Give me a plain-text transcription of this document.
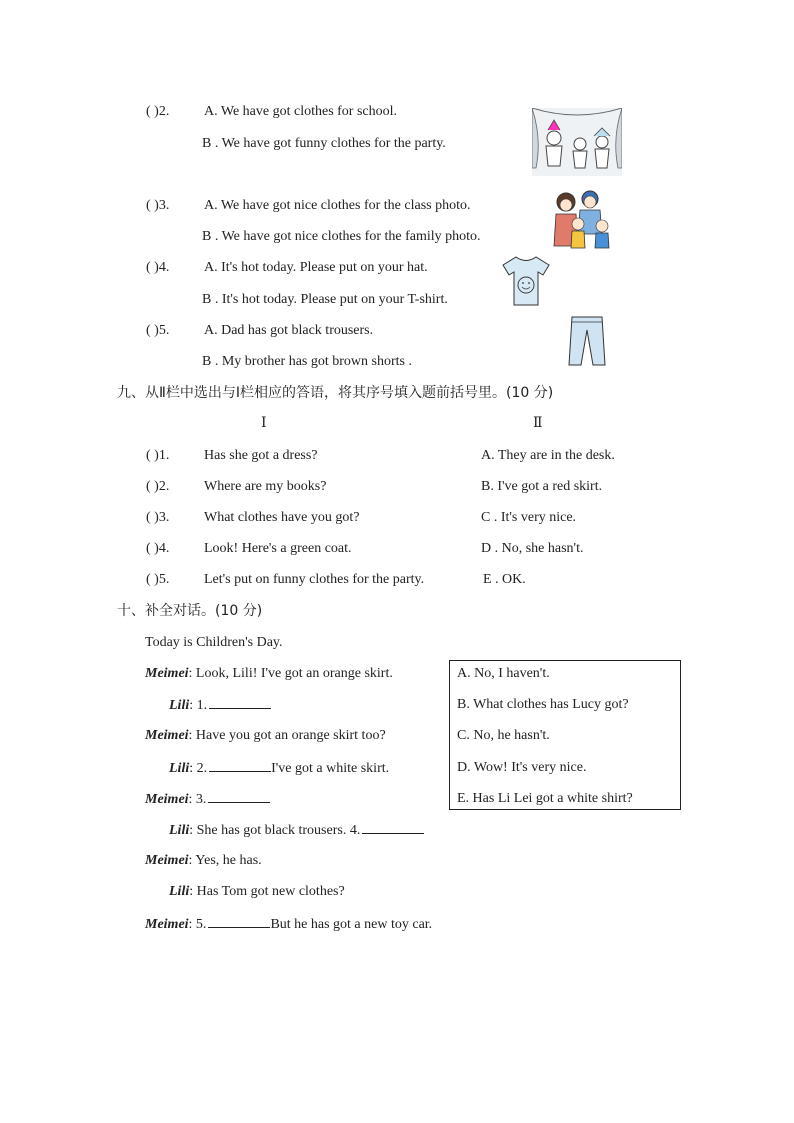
( )2. A. We have got clothes for school.
B . We have got funny clothes for the party.
( )3. A. We have got nice clothes for the class photo.
B . We have got nice clothes for the family photo.
( )4. A. It's hot today. Please put on your hat.
B . It's hot today. Please put on your T-shirt.
( )5. A. Dad has got black trousers.
B . My brother has got brown shorts .
九、从Ⅱ栏中选出与Ⅰ栏相应的答语，将其序号填入题前括号里。(10 分)
Ⅰ	Ⅱ
( )1. Has she got a dress?	A. They are in the desk.
( )2. Where are my books?	B. I've got a red skirt.
( )3. What clothes have you got?	C . It's very nice.
( )4. Look! Here's a green coat.	D . No, she hasn't.
( )5. Let's put on funny clothes for the party.	E . OK.
十、补全对话。(10 分)
Today is Children's Day.
Meimei: Look, Lili! I've got an orange skirt.
Lili: 1.
Meimei: Have you got an orange skirt too?
Lili: 2.	I've got a white skirt.
Meimei: 3.
Lili: She has got black trousers. 4.
Meimei: Yes, he has.
Lili: Has Tom got new clothes?
Meimei: 5.	But he has got a new toy car.
A. No, I haven't.
B. What clothes has Lucy got?
C. No, he hasn't.
D. Wow! It's very nice.
E. Has Li Lei got a white shirt?
